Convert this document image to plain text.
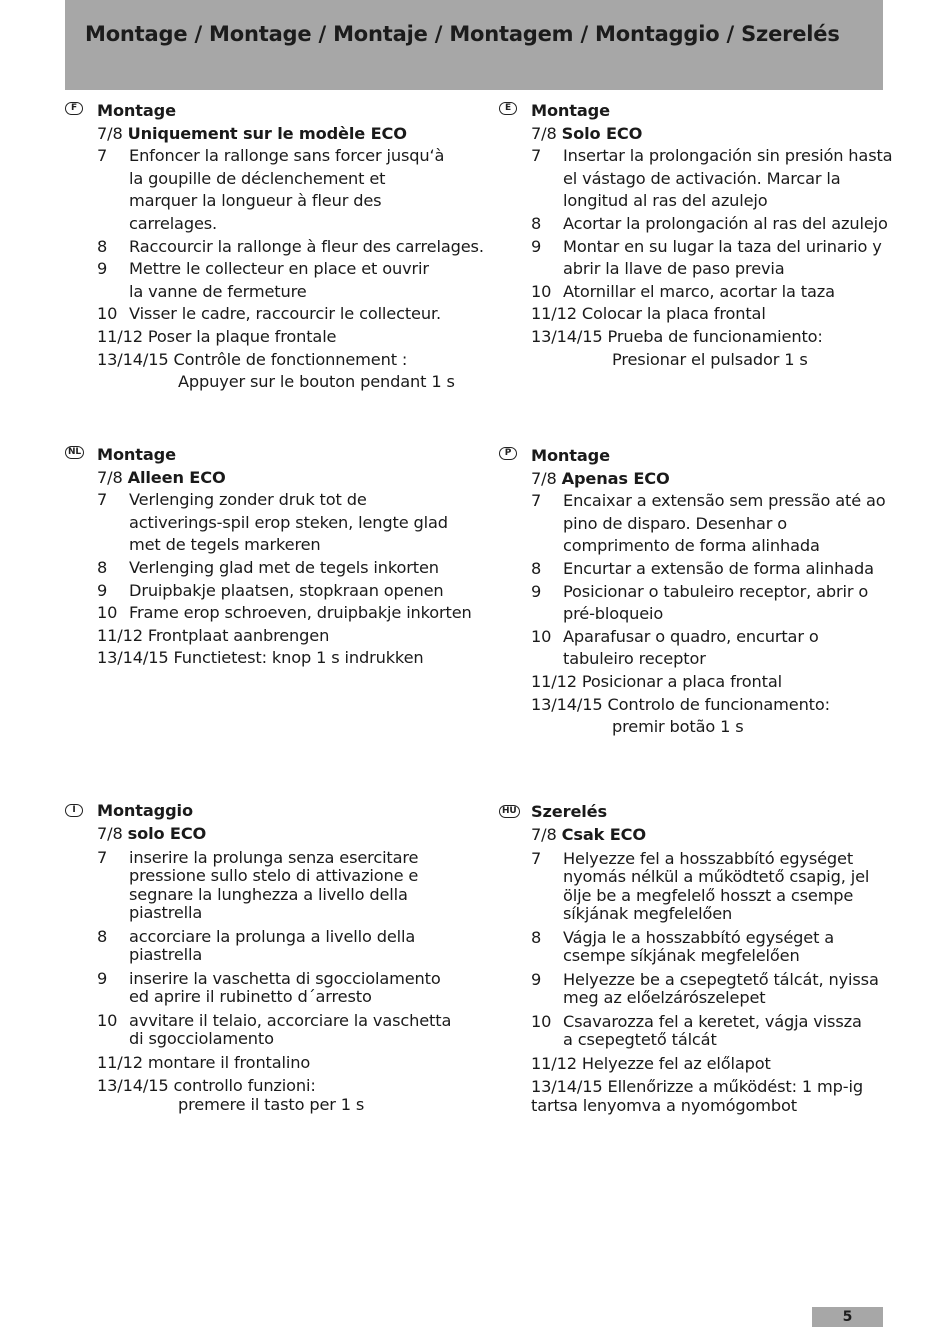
Montage / Montage / Montaje / Montagem / Montaggio / Szerelés
F	Montage
7/8 Uniquement sur le modèle ECO
7	Enfoncer la rallonge sans forcer jusqu‘à la goupille de déclenchement et marquer la longueur à fleur des carrelages.
8	Raccourcir la rallonge à fleur des carrelages.
9	Mettre le collecteur en place et ouvrir la vanne de fermeture
10 Visser le cadre, raccourcir le collecteur.
11/12 Poser la plaque frontale
13/14/15 Contrôle de fonctionnement :
Appuyer sur le bouton pendant 1 s
E	Montage
7/8 Solo ECO
7	Insertar la prolongación sin presión hasta el vástago de activación. Marcar la longitud al ras del azulejo
8	Acortar la prolongación al ras del azulejo
9	Montar en su lugar la taza del urinario y abrir la llave de paso previa
10 Atornillar el marco, acortar la taza
11/12 Colocar la placa frontal
13/14/15 Prueba de funcionamiento:
Presionar el pulsador 1 s
NL Montage
7/8 Alleen ECO
7	Verlenging zonder druk tot de activerings-spil erop steken, lengte glad met de tegels markeren
8	Verlenging glad met de tegels inkorten
9	Druipbakje plaatsen, stopkraan openen
10 Frame erop schroeven, druipbakje inkorten
11/12 Frontplaat aanbrengen
13/14/15 Functietest: knop 1 s indrukken
P	Montage
7/8 Apenas ECO
7	Encaixar a extensão sem pressão até ao pino de disparo. Desenhar o comprimento de forma alinhada
8	Encurtar a extensão de forma alinhada
9	Posicionar o tabuleiro receptor, abrir o pré-bloqueio
10 Aparafusar o quadro, encurtar o tabuleiro receptor
11/12 Posicionar a placa frontal
13/14/15 Controlo de funcionamento:
premir botão 1 s
I	Montaggio
7/8 solo ECO
7	inserire la prolunga senza esercitare pressione sullo stelo di attivazione e segnare la lunghezza a livello della piastrella
8	accorciare la prolunga a livello della piastrella
9	inserire la vaschetta di sgocciolamento ed aprire il rubinetto d´arresto
10 avvitare il telaio, accorciare la vaschetta di sgocciolamento
11/12 montare il frontalino
13/14/15 controllo funzioni:
premere il tasto per 1 s
HU Szerelés
7/8 Csak ECO
7	Helyezze fel a hosszabbító egységet nyomás nélkül a működtető csapig, jel ölje be a megfelelő hosszt a csempe síkjának megfelelően
8	Vágja le a hosszabbító egységet a csempe síkjának megfelelően
9	Helyezze be a csepegtető tálcát, nyissa meg az előelzárószelepet
10 Csavarozza fel a keretet, vágja vissza a csepegtető tálcát
11/12 Helyezze fel az előlapot
13/14/15 Ellenőrizze a működést: 1 mp-ig
tartsa lenyomva a nyomógombot
5
